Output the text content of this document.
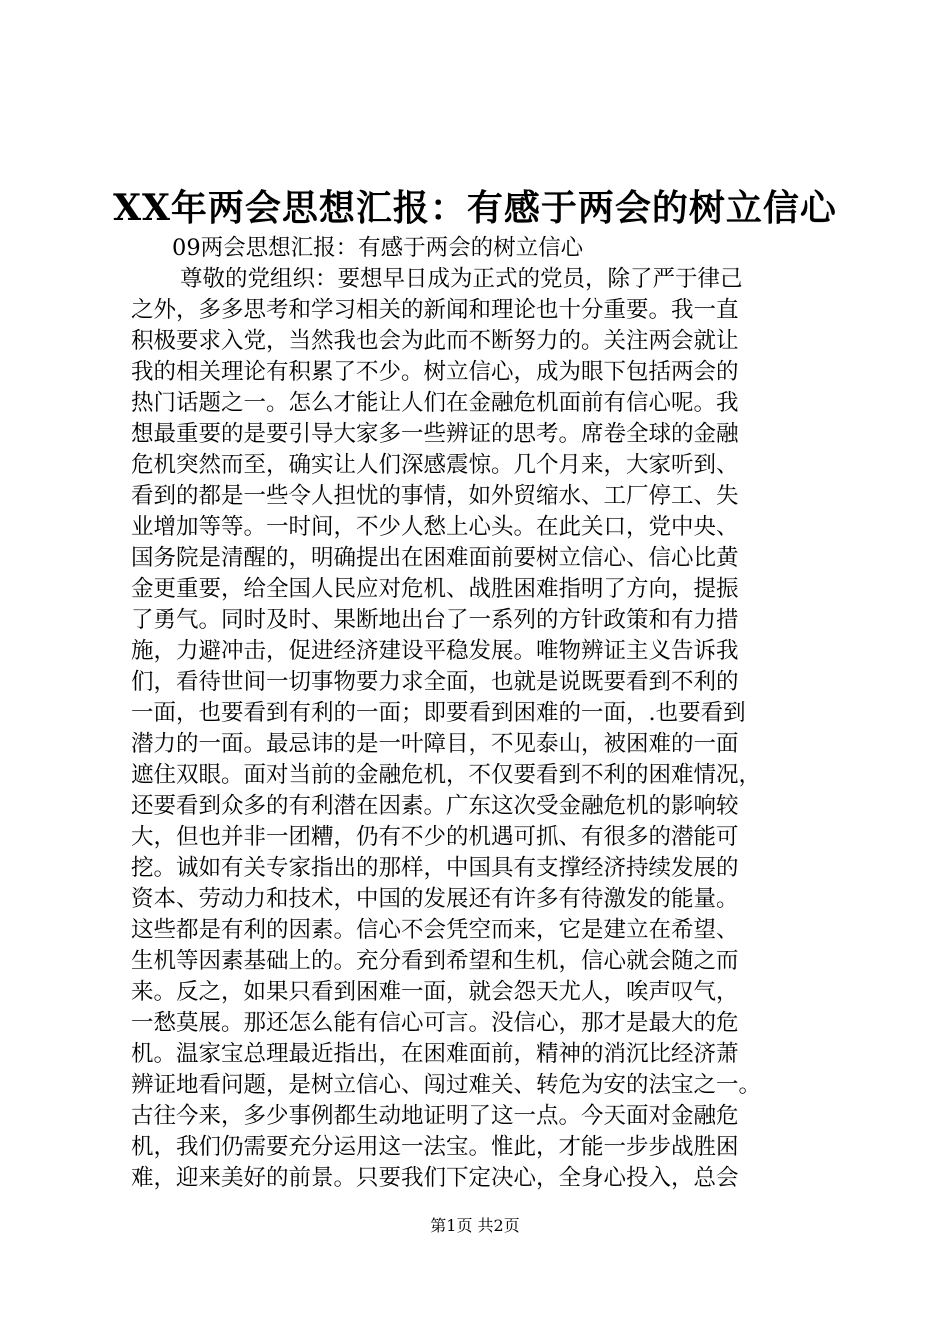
XX年两会思想汇报：有感于两会的树立信心
09两会思想汇报：有感于两会的树立信心
尊敬的党组织：要想早日成为正式的党员，除了严于律己
之外，多多思考和学习相关的新闻和理论也十分重要。我一直
积极要求入党，当然我也会为此而不断努力的。关注两会就让
我的相关理论有积累了不少。树立信心，成为眼下包括两会的
热门话题之一。怎么才能让人们在金融危机面前有信心呢。我
想最重要的是要引导大家多一些辨证的思考。席卷全球的金融
危机突然而至，确实让人们深感震惊。几个月来，大家听到、
看到的都是一些令人担忧的事情，如外贸缩水、工厂停工、失
业增加等等。一时间，不少人愁上心头。在此关口，党中央、
国务院是清醒的，明确提出在困难面前要树立信心、信心比黄
金更重要，给全国人民应对危机、战胜困难指明了方向，提振
了勇气。同时及时、果断地出台了一系列的方针政策和有力措
施，力避冲击，促进经济建设平稳发展。唯物辨证主义告诉我
们，看待世间一切事物要力求全面，也就是说既要看到不利的
一面，也要看到有利的一面；即要看到困难的一面，.也要看到
潜力的一面。最忌讳的是一叶障目，不见泰山，被困难的一面
遮住双眼。面对当前的金融危机，不仅要看到不利的困难情况，
还要看到众多的有利潜在因素。广东这次受金融危机的影响较
大，但也并非一团糟，仍有不少的机遇可抓、有很多的潜能可
挖。诚如有关专家指出的那样，中国具有支撑经济持续发展的
资本、劳动力和技术，中国的发展还有许多有待激发的能量。
这些都是有利的因素。信心不会凭空而来，它是建立在希望、
生机等因素基础上的。充分看到希望和生机，信心就会随之而
来。反之，如果只看到困难一面，就会怨天尤人，唉声叹气，
一愁莫展。那还怎么能有信心可言。没信心，那才是最大的危
机。温家宝总理最近指出，在困难面前，精神的消沉比经济萧
辨证地看问题，是树立信心、闯过难关、转危为安的法宝之一。
古往今来，多少事例都生动地证明了这一点。今天面对金融危
机，我们仍需要充分运用这一法宝。惟此，才能一步步战胜困
难，迎来美好的前景。只要我们下定决心，全身心投入，总会
第1页 共2页
